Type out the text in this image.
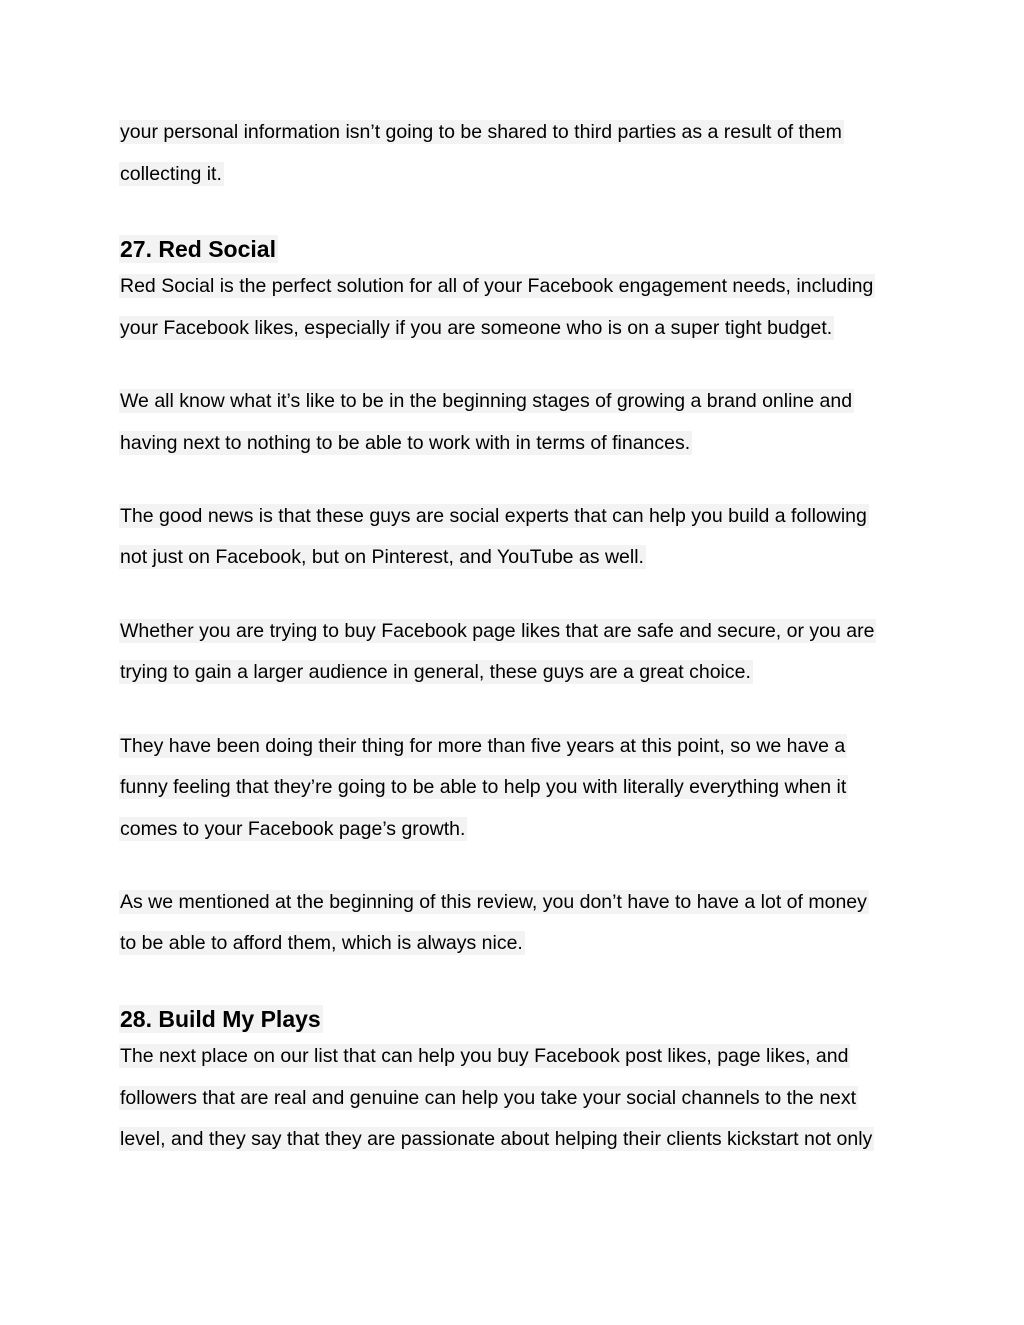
your personal information isn’t going to be shared to third parties as a result of them
collecting it.
27. Red Social
Red Social is the perfect solution for all of your Facebook engagement needs, including
your Facebook likes, especially if you are someone who is on a super tight budget.
We all know what it’s like to be in the beginning stages of growing a brand online and
having next to nothing to be able to work with in terms of finances.
The good news is that these guys are social experts that can help you build a following
not just on Facebook, but on Pinterest, and YouTube as well.
Whether you are trying to buy Facebook page likes that are safe and secure, or you are
trying to gain a larger audience in general, these guys are a great choice.
They have been doing their thing for more than five years at this point, so we have a
funny feeling that they’re going to be able to help you with literally everything when it
comes to your Facebook page’s growth.
As we mentioned at the beginning of this review, you don’t have to have a lot of money
to be able to afford them, which is always nice.
28. Build My Plays
The next place on our list that can help you buy Facebook post likes, page likes, and
followers that are real and genuine can help you take your social channels to the next
level, and they say that they are passionate about helping their clients kickstart not only
